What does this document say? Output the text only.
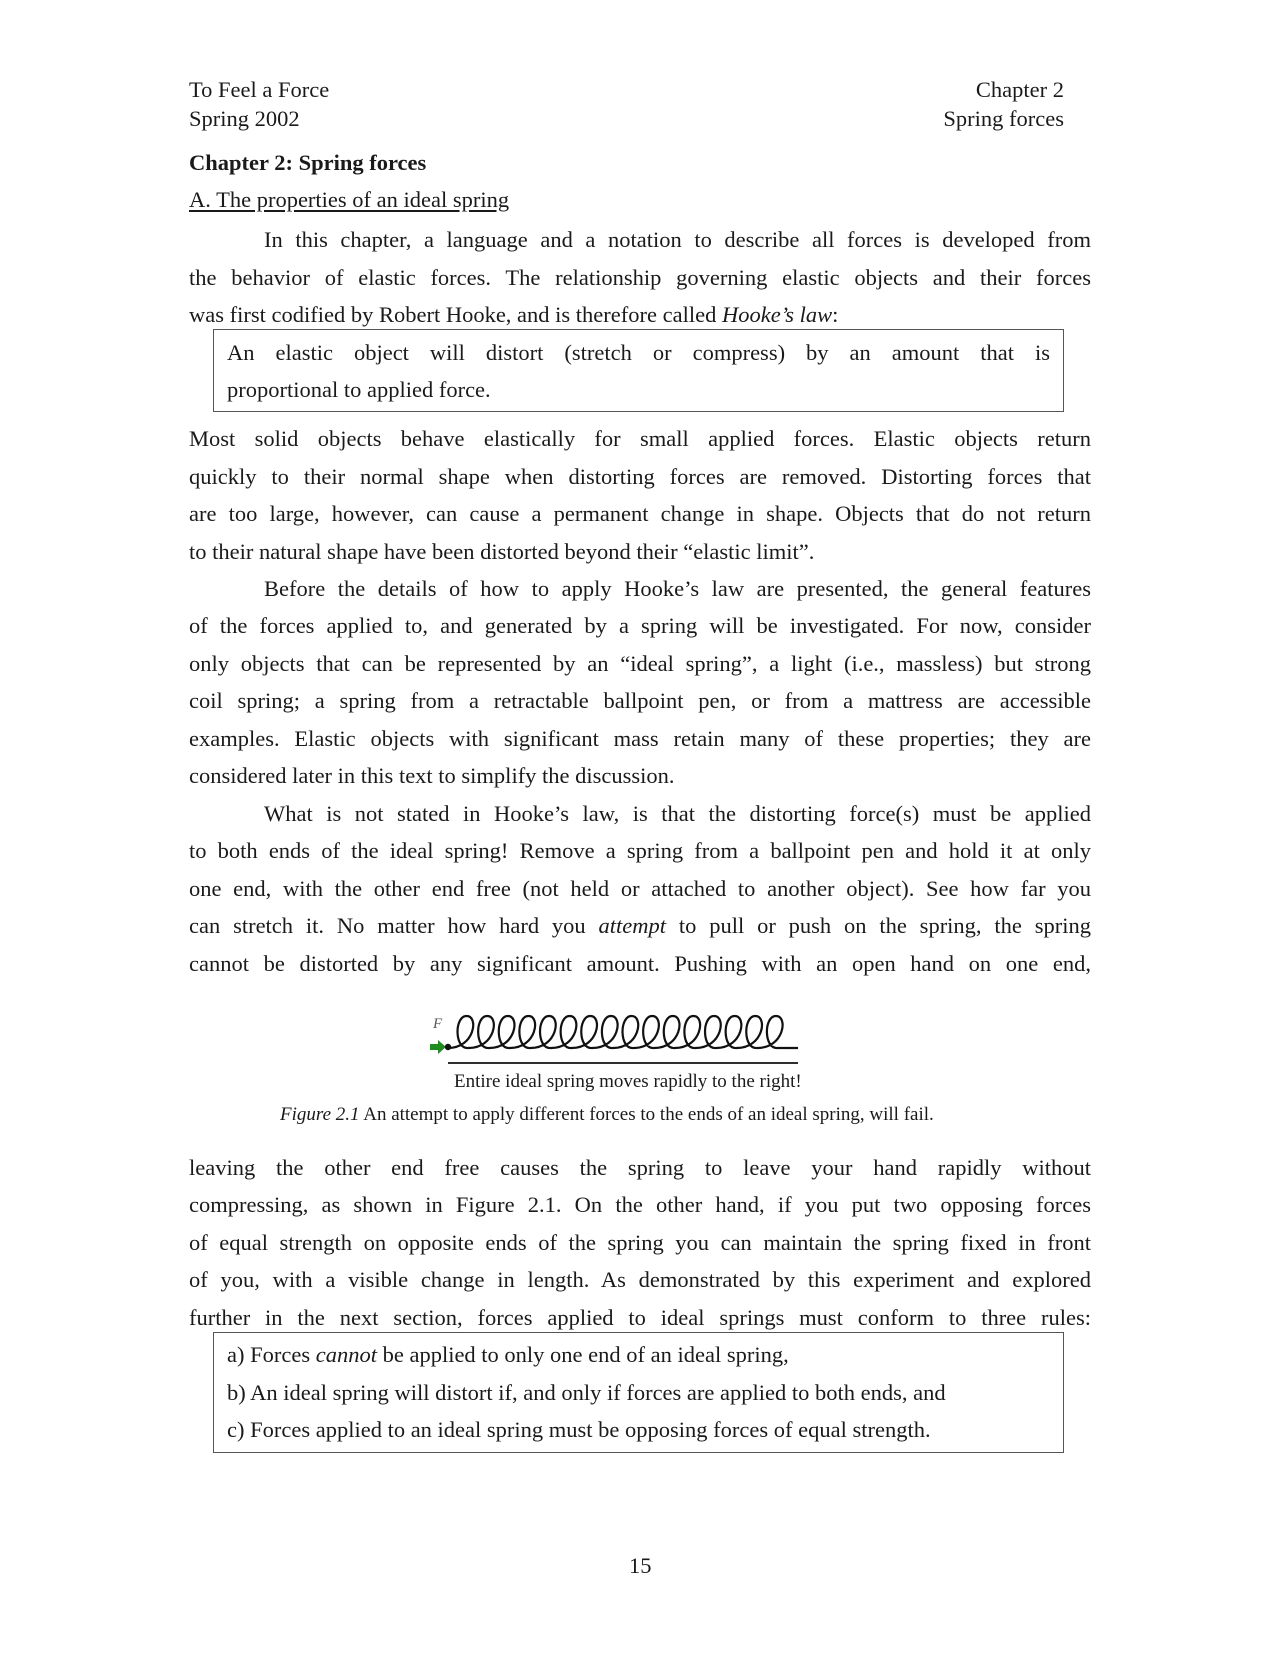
To Feel a Force
Spring 2002
Chapter 2
Spring forces
Chapter 2: Spring forces
A. The properties of an ideal spring
In this chapter, a language and a notation to describe all forces is developed from
the behavior of elastic forces. The relationship governing elastic objects and their forces
was first codified by Robert Hooke, and is therefore called Hooke’s law:
An elastic object will distort (stretch or compress) by an amount that is
proportional to applied force.
Most solid objects behave elastically for small applied forces. Elastic objects return
quickly to their normal shape when distorting forces are removed. Distorting forces that
are too large, however, can cause a permanent change in shape. Objects that do not return
to their natural shape have been distorted beyond their “elastic limit”.
Before the details of how to apply Hooke’s law are presented, the general features
of the forces applied to, and generated by a spring will be investigated. For now, consider
only objects that can be represented by an “ideal spring”, a light (i.e., massless) but strong
coil spring; a spring from a retractable ballpoint pen, or from a mattress are accessible
examples. Elastic objects with significant mass retain many of these properties; they are
considered later in this text to simplify the discussion.
What is not stated in Hooke’s law, is that the distorting force(s) must be applied
to both ends of the ideal spring! Remove a spring from a ballpoint pen and hold it at only
one end, with the other end free (not held or attached to another object). See how far you
can stretch it. No matter how hard you attempt to pull or push on the spring, the spring
cannot be distorted by any significant amount. Pushing with an open hand on one end,
F
Entire ideal spring moves rapidly to the right!
Figure 2.1 An attempt to apply different forces to the ends of an ideal spring, will fail.
leaving the other end free causes the spring to leave your hand rapidly without
compressing, as shown in Figure 2.1. On the other hand, if you put two opposing forces
of equal strength on opposite ends of the spring you can maintain the spring fixed in front
of you, with a visible change in length. As demonstrated by this experiment and explored
further in the next section, forces applied to ideal springs must conform to three rules:
a) Forces cannot be applied to only one end of an ideal spring,
b) An ideal spring will distort if, and only if forces are applied to both ends, and
c) Forces applied to an ideal spring must be opposing forces of equal strength.
15
